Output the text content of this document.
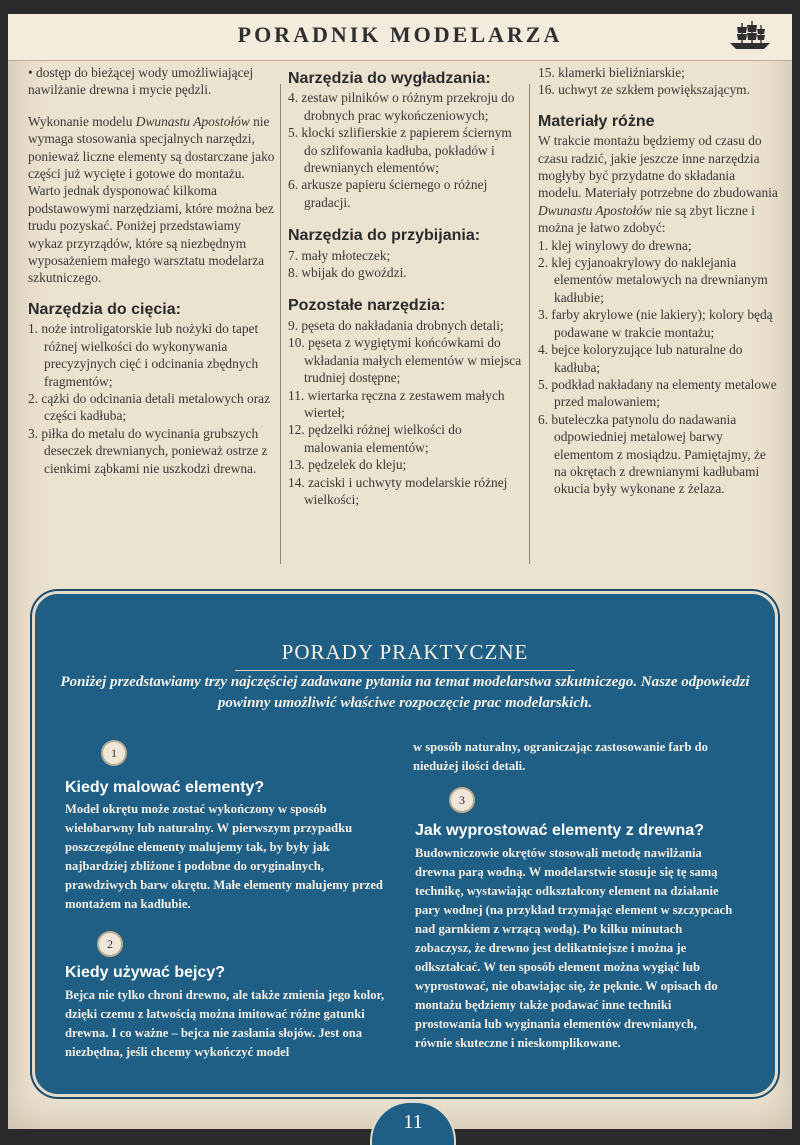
PORADNIK MODELARZA

• dostęp do bieżącej wody umożliwiającej nawilżanie drewna i mycie pędzli.

Wykonanie modelu Dwunastu Apostołów nie wymaga stosowania specjalnych narzędzi, ponieważ liczne elementy są dostarczane jako części już wycięte i gotowe do montażu. Warto jednak dysponować kilkoma podstawowymi narzędziami, które można bez trudu pozyskać. Poniżej przedstawiamy wykaz przyrządów, które są niezbędnym wyposażeniem małego warsztatu modelarza szkutniczego.

Narzędzia do cięcia:
1. noże introligatorskie lub nożyki do tapet różnej wielkości do wykonywania precyzyjnych cięć i odcinania zbędnych fragmentów;
2. cążki do odcinania detali metalowych oraz części kadłuba;
3. piłka do metalu do wycinania grubszych deseczek drewnianych, ponieważ ostrze z cienkimi ząbkami nie uszkodzi drewna.
Narzędzia do wygładzania:
4. zestaw pilników o różnym przekroju do drobnych prac wykończeniowych;
5. klocki szlifierskie z papierem ściernym do szlifowania kadłuba, pokładów i drewnianych elementów;
6. arkusze papieru ściernego o różnej gradacji.
Narzędzia do przybijania:
7. mały młoteczek;
8. wbijak do gwoździ.
Pozostałe narzędzia:
9. pęseta do nakładania drobnych detali;
10. pęseta z wygiętymi końcówkami do wkładania małych elementów w miejsca trudniej dostępne;
11. wiertarka ręczna z zestawem małych wierteł;
12. pędzelki różnej wielkości do malowania elementów;
13. pędzelek do kleju;
14. zaciski i uchwyty modelarskie różnej wielkości;
15. klamerki bieliźniarskie;
16. uchwyt ze szkłem powiększającym.
Materiały różne

W trakcie montażu będziemy od czasu do czasu radzić, jakie jeszcze inne narzędzia mogłyby być przydatne do składania modelu. Materiały potrzebne do zbudowania Dwunastu Apostołów nie są zbyt liczne i można je łatwo zdobyć:

1. klej winylowy do drewna;
2. klej cyjanoakrylowy do naklejania elementów metalowych na drewnianym kadłubie;
3. farby akrylowe (nie lakiery); kolory będą podawane w trakcie montażu;
4. bejce koloryzujące lub naturalne do kadłuba;
5. podkład nakładany na elementy metalowe przed malowaniem;
6. buteleczka patynolu do nadawania odpowiedniej metalowej barwy elementom z mosiądzu. Pamiętajmy, że na okrętach z drewnianymi kadłubami okucia były wykonane z żelaza.
PORADY PRAKTYCZNE
Poniżej przedstawiamy trzy najczęściej zadawane pytania na temat modelarstwa szkutniczego. Nasze odpowiedzi powinny umożliwić właściwe rozpoczęcie prac modelarskich.
1
Kiedy malować elementy?
Model okrętu może zostać wykończony w sposób wielobarwny lub naturalny. W pierwszym przypadku poszczególne elementy malujemy tak, by były jak najbardziej zbliżone i podobne do oryginalnych, prawdziwych barw okrętu. Małe elementy malujemy przed montażem na kadłubie.
2
Kiedy używać bejcy?
Bejca nie tylko chroni drewno, ale także zmienia jego kolor, dzięki czemu z łatwością można imitować różne gatunki drewna. I co ważne – bejca nie zasłania słojów. Jest ona niezbędna, jeśli chcemy wykończyć model
w sposób naturalny, ograniczając zastosowanie farb do niedużej ilości detali.
3
Jak wyprostować elementy z drewna?
Budowniczowie okrętów stosowali metodę nawilżania drewna parą wodną. W modelarstwie stosuje się tę samą technikę, wystawiając odkształcony element na działanie pary wodnej (na przykład trzymając element w szczypcach nad garnkiem z wrzącą wodą). Po kilku minutach zobaczysz, że drewno jest delikatniejsze i można je odkształcać. W ten sposób element można wygiąć lub wyprostować, nie obawiając się, że pęknie. W opisach do montażu będziemy także podawać inne techniki prostowania lub wyginania elementów drewnianych, równie skuteczne i nieskomplikowane.
11
